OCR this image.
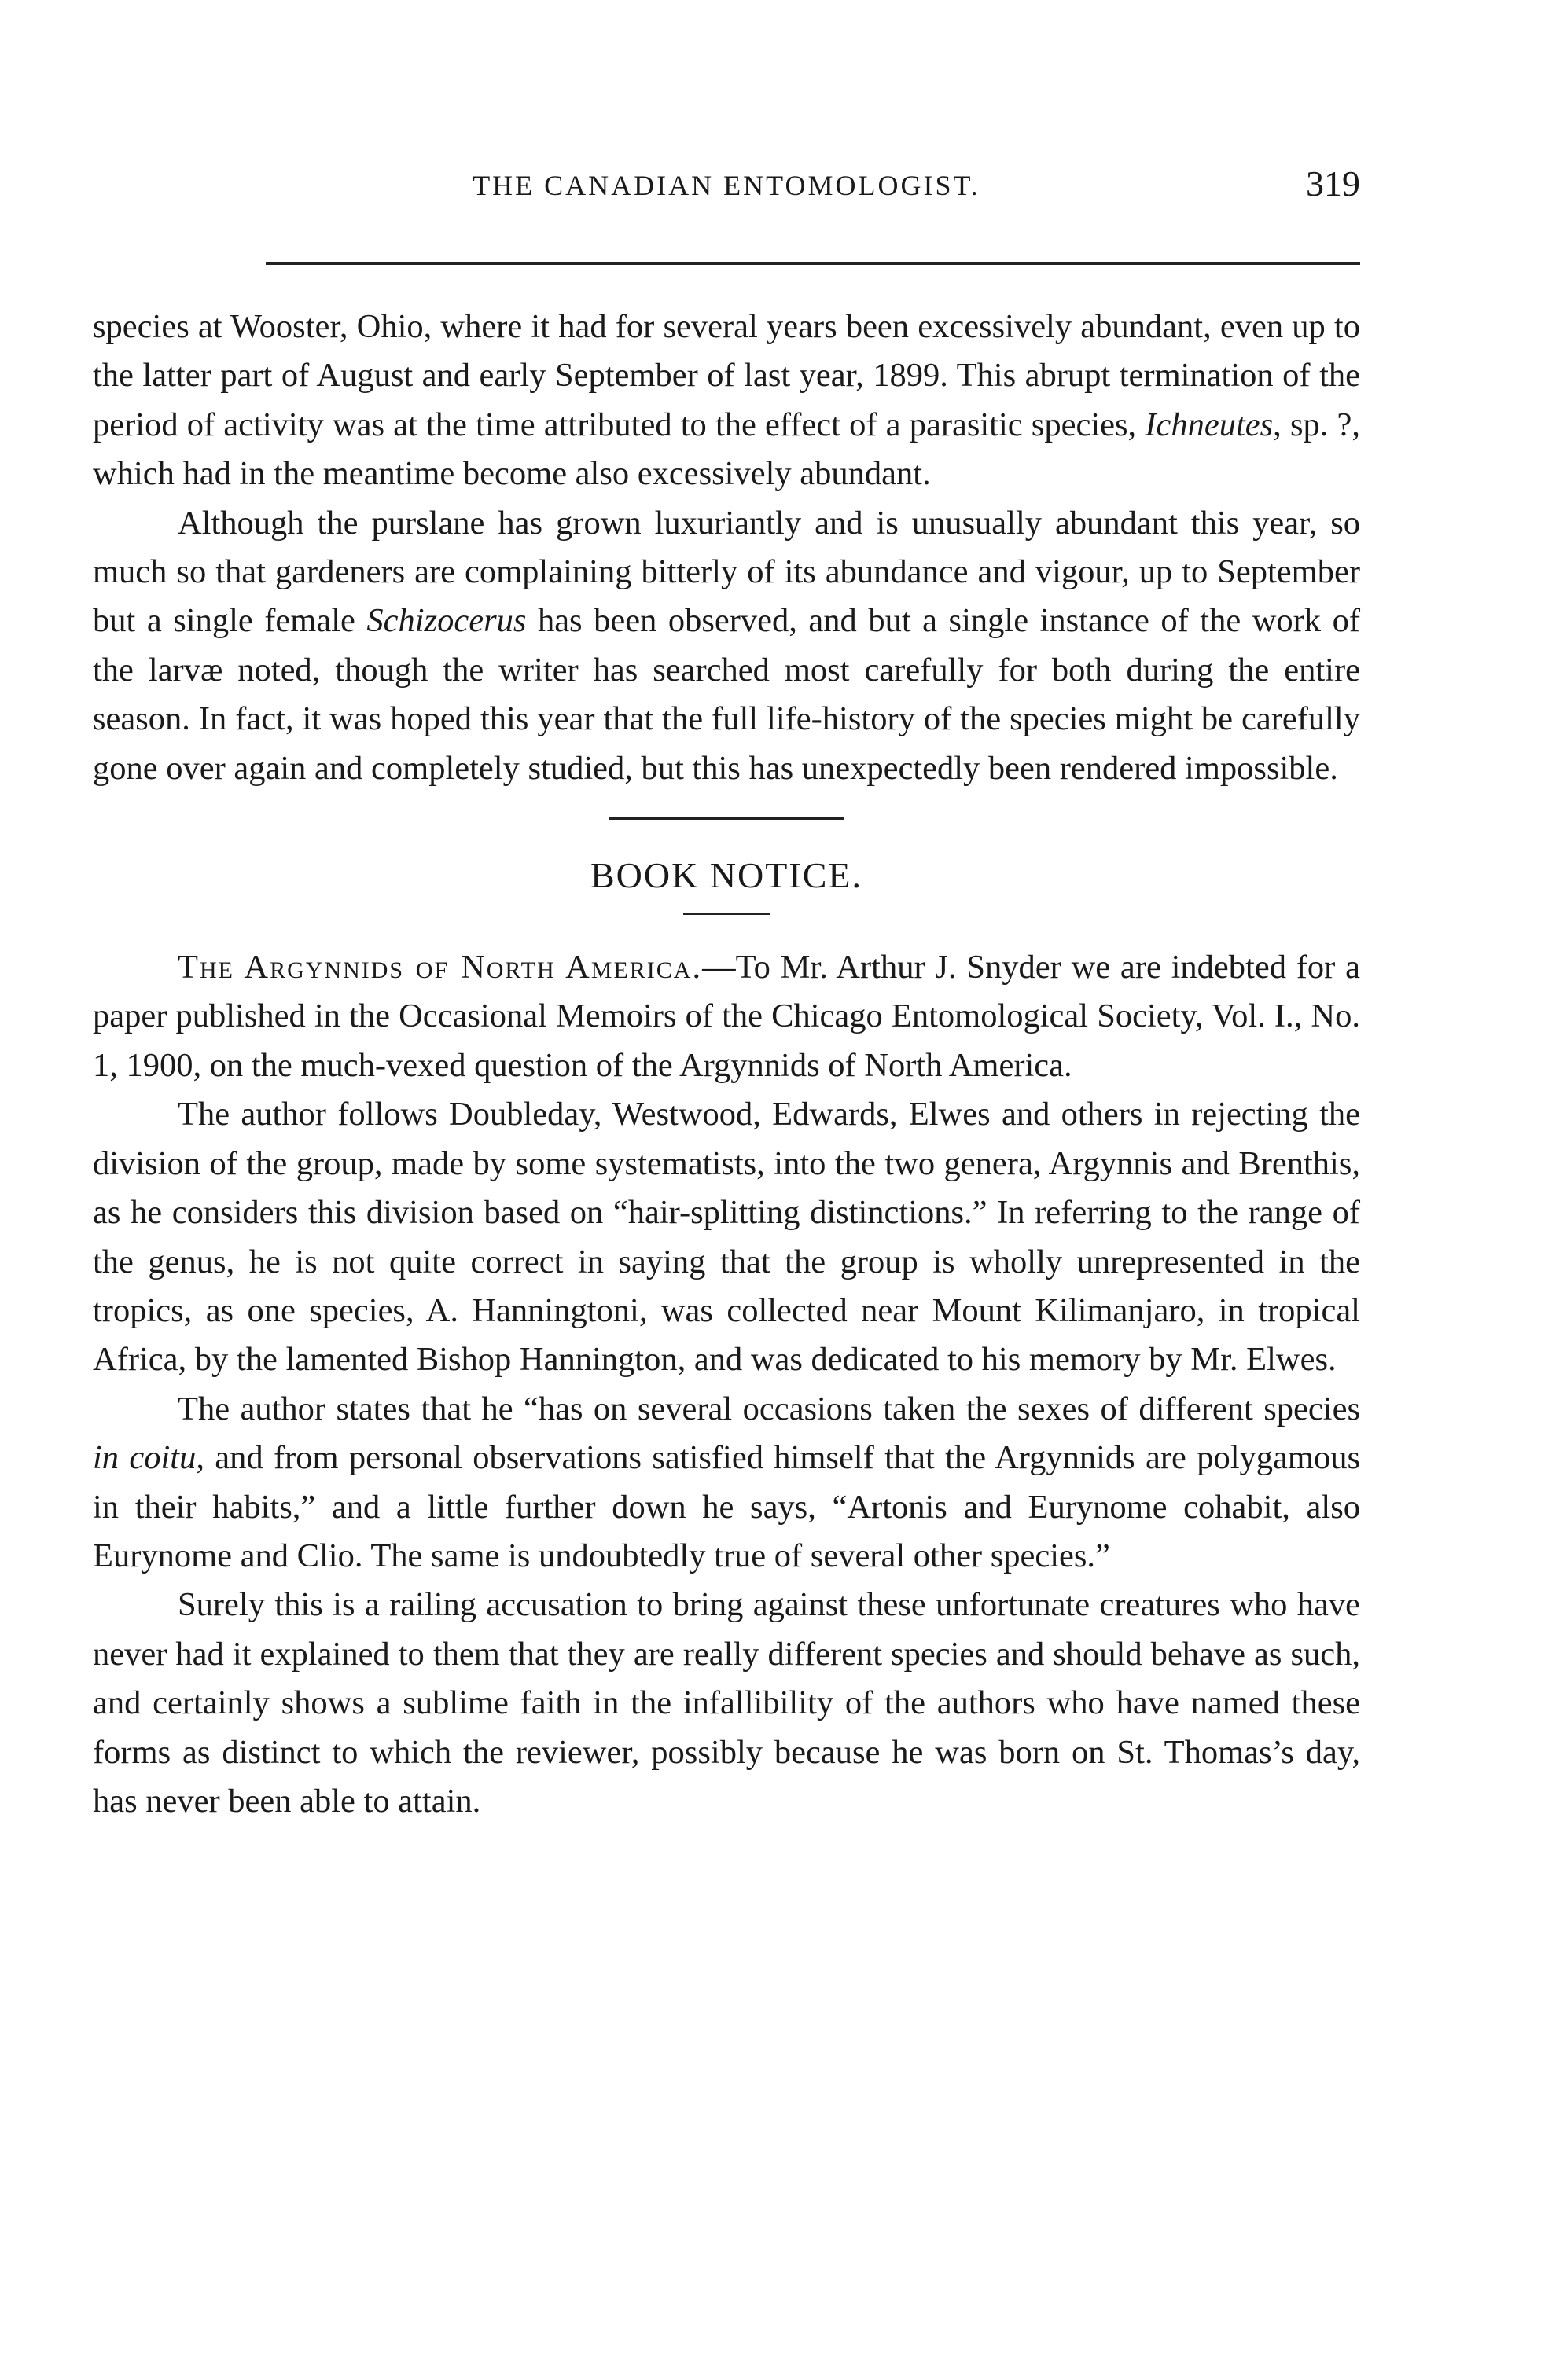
THE CANADIAN ENTOMOLOGIST.	319

species at Wooster, Ohio, where it had for several years been excessively abundant, even up to the latter part of August and early September of last year, 1899. This abrupt termination of the period of activity was at the time attributed to the effect of a parasitic species, Ichneutes, sp. ?, which had in the meantime become also excessively abundant.

Although the purslane has grown luxuriantly and is unusually abundant this year, so much so that gardeners are complaining bitterly of its abundance and vigour, up to September but a single female Schizocerus has been observed, and but a single instance of the work of the larvæ noted, though the writer has searched most carefully for both during the entire season. In fact, it was hoped this year that the full life-history of the species might be carefully gone over again and completely studied, but this has unexpectedly been rendered impossible.

BOOK NOTICE.

The Argynnids of North America.—To Mr. Arthur J. Snyder we are indebted for a paper published in the Occasional Memoirs of the Chicago Entomological Society, Vol. I., No. 1, 1900, on the much-vexed question of the Argynnids of North America.

The author follows Doubleday, Westwood, Edwards, Elwes and others in rejecting the division of the group, made by some systematists, into the two genera, Argynnis and Brenthis, as he considers this division based on “hair-splitting distinctions.” In referring to the range of the genus, he is not quite correct in saying that the group is wholly unrepresented in the tropics, as one species, A. Hanningtoni, was collected near Mount Kilimanjaro, in tropical Africa, by the lamented Bishop Hannington, and was dedicated to his memory by Mr. Elwes.

The author states that he “has on several occasions taken the sexes of different species in coitu, and from personal observations satisfied himself that the Argynnids are polygamous in their habits,” and a little further down he says, “Artonis and Eurynome cohabit, also Eurynome and Clio. The same is undoubtedly true of several other species.”

Surely this is a railing accusation to bring against these unfortunate creatures who have never had it explained to them that they are really different species and should behave as such, and certainly shows a sublime faith in the infallibility of the authors who have named these forms as distinct to which the reviewer, possibly because he was born on St. Thomas’s day, has never been able to attain.
